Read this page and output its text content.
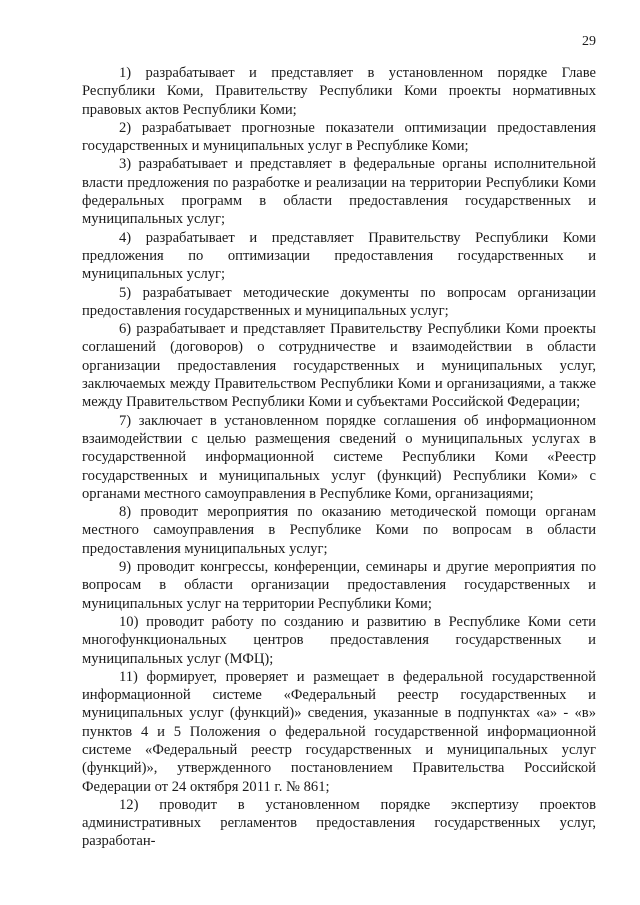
29

1) разрабатывает и представляет в установленном порядке Главе Республики Коми, Правительству Республики Коми проекты нормативных правовых актов Республики Коми;

2) разрабатывает прогнозные показатели оптимизации предоставления государственных и муниципальных услуг в Республике Коми;

3) разрабатывает и представляет в федеральные органы исполнительной власти предложения по разработке и реализации на территории Республики Коми федеральных программ в области предоставления государственных и муниципальных услуг;

4) разрабатывает и представляет Правительству Республики Коми предложения по оптимизации предоставления государственных и муниципальных услуг;

5) разрабатывает методические документы по вопросам организации предоставления государственных и муниципальных услуг;

6) разрабатывает и представляет Правительству Республики Коми проекты соглашений (договоров) о сотрудничестве и взаимодействии в области организации предоставления государственных и муниципальных услуг, заключаемых между Правительством Республики Коми и организациями, а также между Правительством Республики Коми и субъектами Российской Федерации;

7) заключает в установленном порядке соглашения об информационном взаимодействии с целью размещения сведений о муниципальных услугах в государственной информационной системе Республики Коми «Реестр государственных и муниципальных услуг (функций) Республики Коми» с органами местного самоуправления в Республике Коми, организациями;

8) проводит мероприятия по оказанию методической помощи органам местного самоуправления в Республике Коми по вопросам в области предоставления муниципальных услуг;

9) проводит конгрессы, конференции, семинары и другие мероприятия по вопросам в области организации предоставления государственных и муниципальных услуг на территории Республики Коми;

10) проводит работу по созданию и развитию в Республике Коми сети многофункциональных центров предоставления государственных и муниципальных услуг (МФЦ);

11) формирует, проверяет и размещает в федеральной государственной информационной системе «Федеральный реестр государственных и муниципальных услуг (функций)» сведения, указанные в подпунктах «а» - «в» пунктов 4 и 5 Положения о федеральной государственной информационной системе «Федеральный реестр государственных и муниципальных услуг (функций)», утвержденного постановлением Правительства Российской Федерации от 24 октября 2011 г. № 861;

12) проводит в установленном порядке экспертизу проектов административных регламентов предоставления государственных услуг, разработан-
